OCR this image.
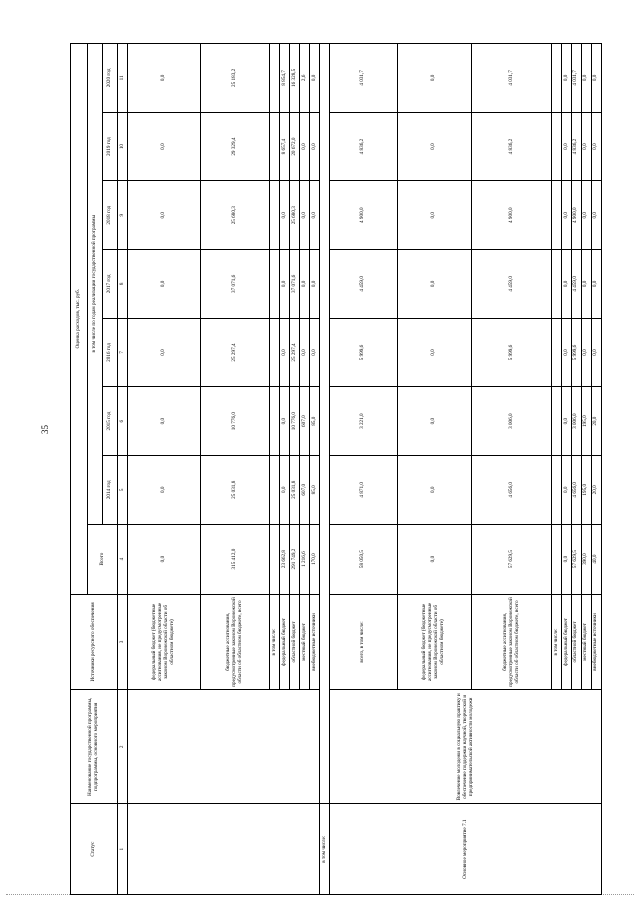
35
Статус	Наименование государственной программы, подпрограммы, основного мероприятия	Источники ресурсного обеспечения	Оценка расходов, тыс. руб.							
			Всего	в том числе по годам реализации государственной программы						
				2014 год	2015 год	2016 год	2017 год	2018 год	2019 год	2020 год
1	2	3	4	5	6	7	8	9	10	11
		федеральный бюджет (бюджетные ассигнования, не предусмотренные законом Воронежской области об областном бюджете)	0,0	0,0	0,0	0,0	0,0	0,0	0,0	0,0
		бюджетные ассигнования, предусмотренные законом Воронежской области об областном бюджете, всего	315 412,0	25 031,8	10 776,0	25 297,4	37 071,6	25 680,3	29 329,4	25 183,2
		в том числе:								
		федеральный бюджет	23 662,8	0,0	0,0	0,0	0,0	0,0	8 657,4	8 854,7
		областной бюджет	291 749,2	25 031,8	10 776,0	25 297,4	37 071,6	25 680,3	20 672,0	16 328,5
		местный бюджет	1 216,6	607,0	607,0	0,0	0,0	0,0	0,0	2,6
		внебюджетные источники	170,0	85,0	85,0	0,0	0,0	0,0	0,0	0,0
в том числе:										
Основное мероприятие 7.1	Вовлечение молодежи в социальную практику и обеспечение поддержки научной, творческой и предпринимательской активности молодежи	всего, в том числе:	58 050,5	4 871,0	3 221,0	5 999,6	4 459,0	4 900,0	4 836,2	4 031,7
		федеральный бюджет (бюджетные ассигнования, не предусмотренные законом Воронежской области об областном бюджете)	0,0	0,0	0,0	0,0	0,0	0,0	0,0	0,0
		бюджетные ассигнования, предусмотренные законом Воронежской области об областном бюджете, всего	57 629,5	4 656,0	3 006,0	5 999,6	4 459,0	4 900,0	4 836,2	4 031,7
		в том числе:								
		федеральный бюджет	0,0	0,0	0,0	0,0	0,0	0,0	0,0	0,0
		областной бюджет	57 629,5	4 656,0	3 006,0	5 999,6	4 459,0	4 900,0	4 836,2	4 031,7
		местный бюджет	390,0	195,0	195,0	0,0	0,0	0,0	0,0	0,0
		внебюджетные источники	40,0	20,0	20,0	0,0	0,0	0,0	0,0	0,0
